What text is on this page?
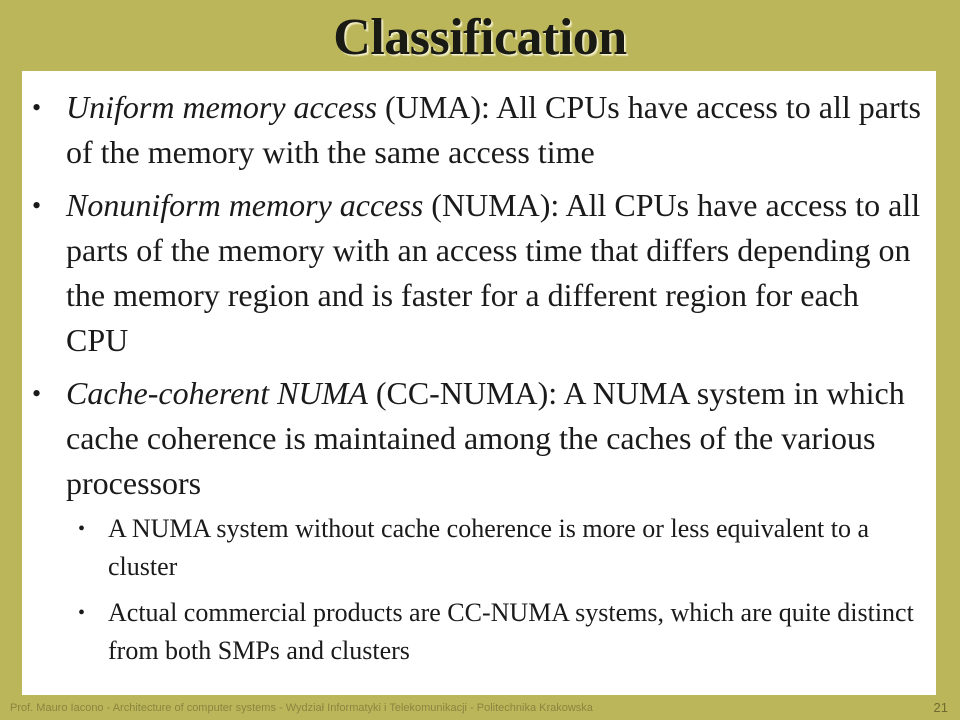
Classification
• Uniform memory access (UMA): All CPUs have access to all parts of the memory with the same access time
• Nonuniform memory access (NUMA): All CPUs have access to all parts of the memory with an access time that differs depending on the memory region and is faster for a different region for each CPU
• Cache-coherent NUMA (CC-NUMA): A NUMA system in which cache coherence is maintained among the caches of the various processors
• A NUMA system without cache coherence is more or less equivalent to a cluster
• Actual commercial products are CC-NUMA systems, which are quite distinct from both SMPs and clusters
Prof. Mauro Iacono - Architecture of computer systems - Wydział Informatyki i Telekomunikacji - Politechnika Krakowska	21
